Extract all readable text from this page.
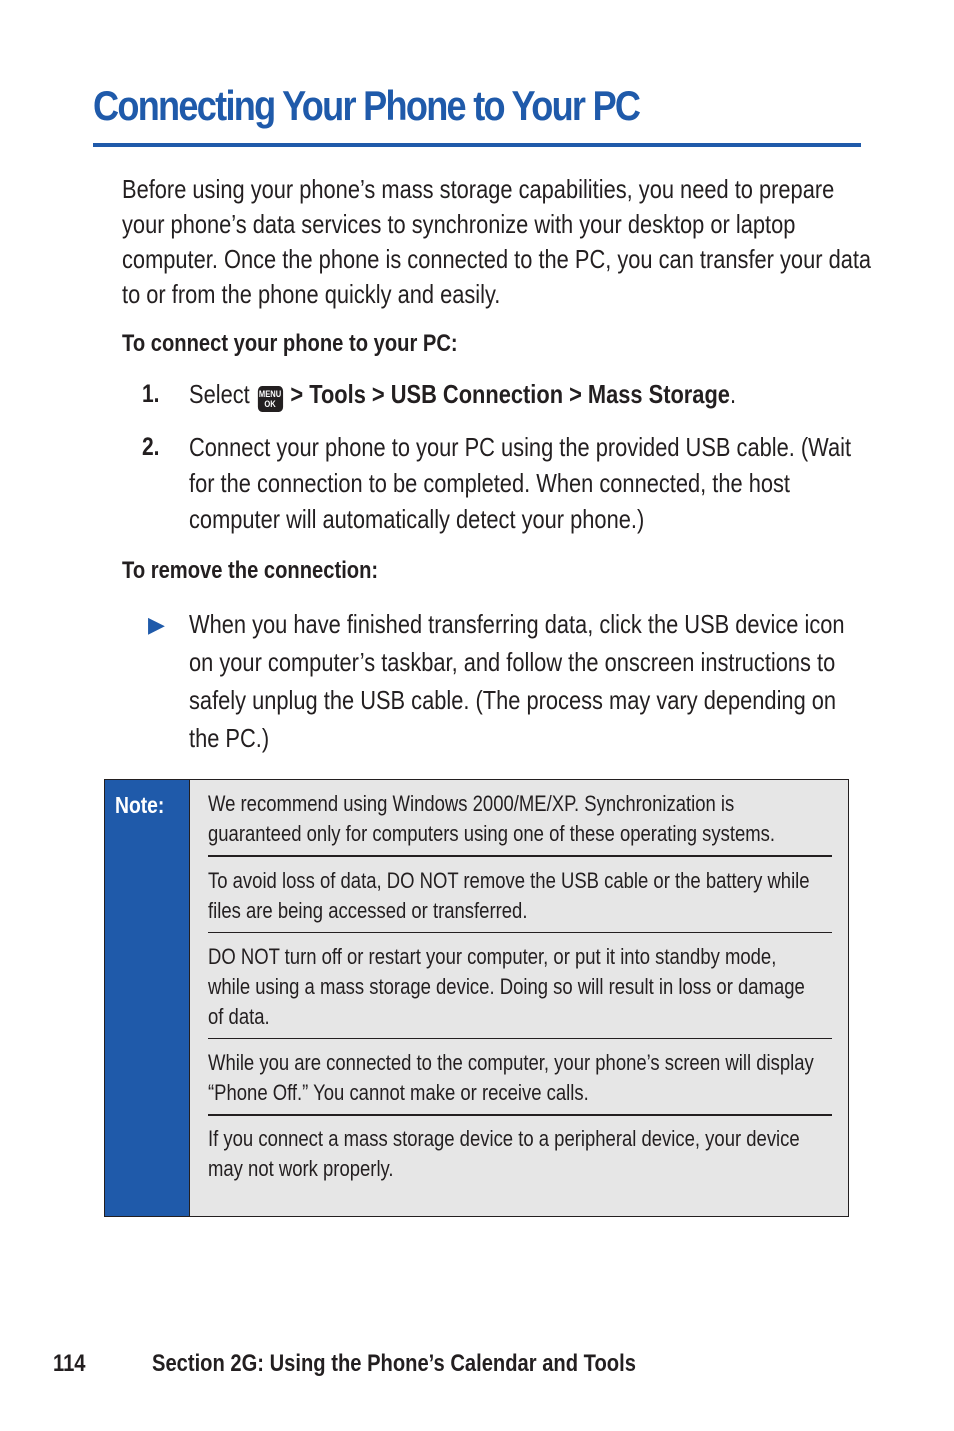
Connecting Your Phone to Your PC
Before using your phone’s mass storage capabilities, you need to prepare
your phone’s data services to synchronize with your desktop or laptop
computer. Once the phone is connected to the PC, you can transfer your data
to or from the phone quickly and easily.
To connect your phone to your PC:
1. Select MENU
OK > Tools > USB Connection > Mass Storage.
2. Connect your phone to your PC using the provided USB cable. (Wait
for the connection to be completed. When connected, the host
computer will automatically detect your phone.)
To remove the connection:
▶ When you have finished transferring data, click the USB device icon
on your computer’s taskbar, and follow the onscreen instructions to
safely unplug the USB cable. (The process may vary depending on
the PC.)
Note: We recommend using Windows 2000/ME/XP. Synchronization is
guaranteed only for computers using one of these operating systems.
To avoid loss of data, DO NOT remove the USB cable or the battery while
files are being accessed or transferred.
DO NOT turn off or restart your computer, or put it into standby mode,
while using a mass storage device. Doing so will result in loss or damage
of data.
While you are connected to the computer, your phone’s screen will display
“Phone Off.” You cannot make or receive calls.
If you connect a mass storage device to a peripheral device, your device
may not work properly.
114	Section 2G: Using the Phone’s Calendar and Tools
